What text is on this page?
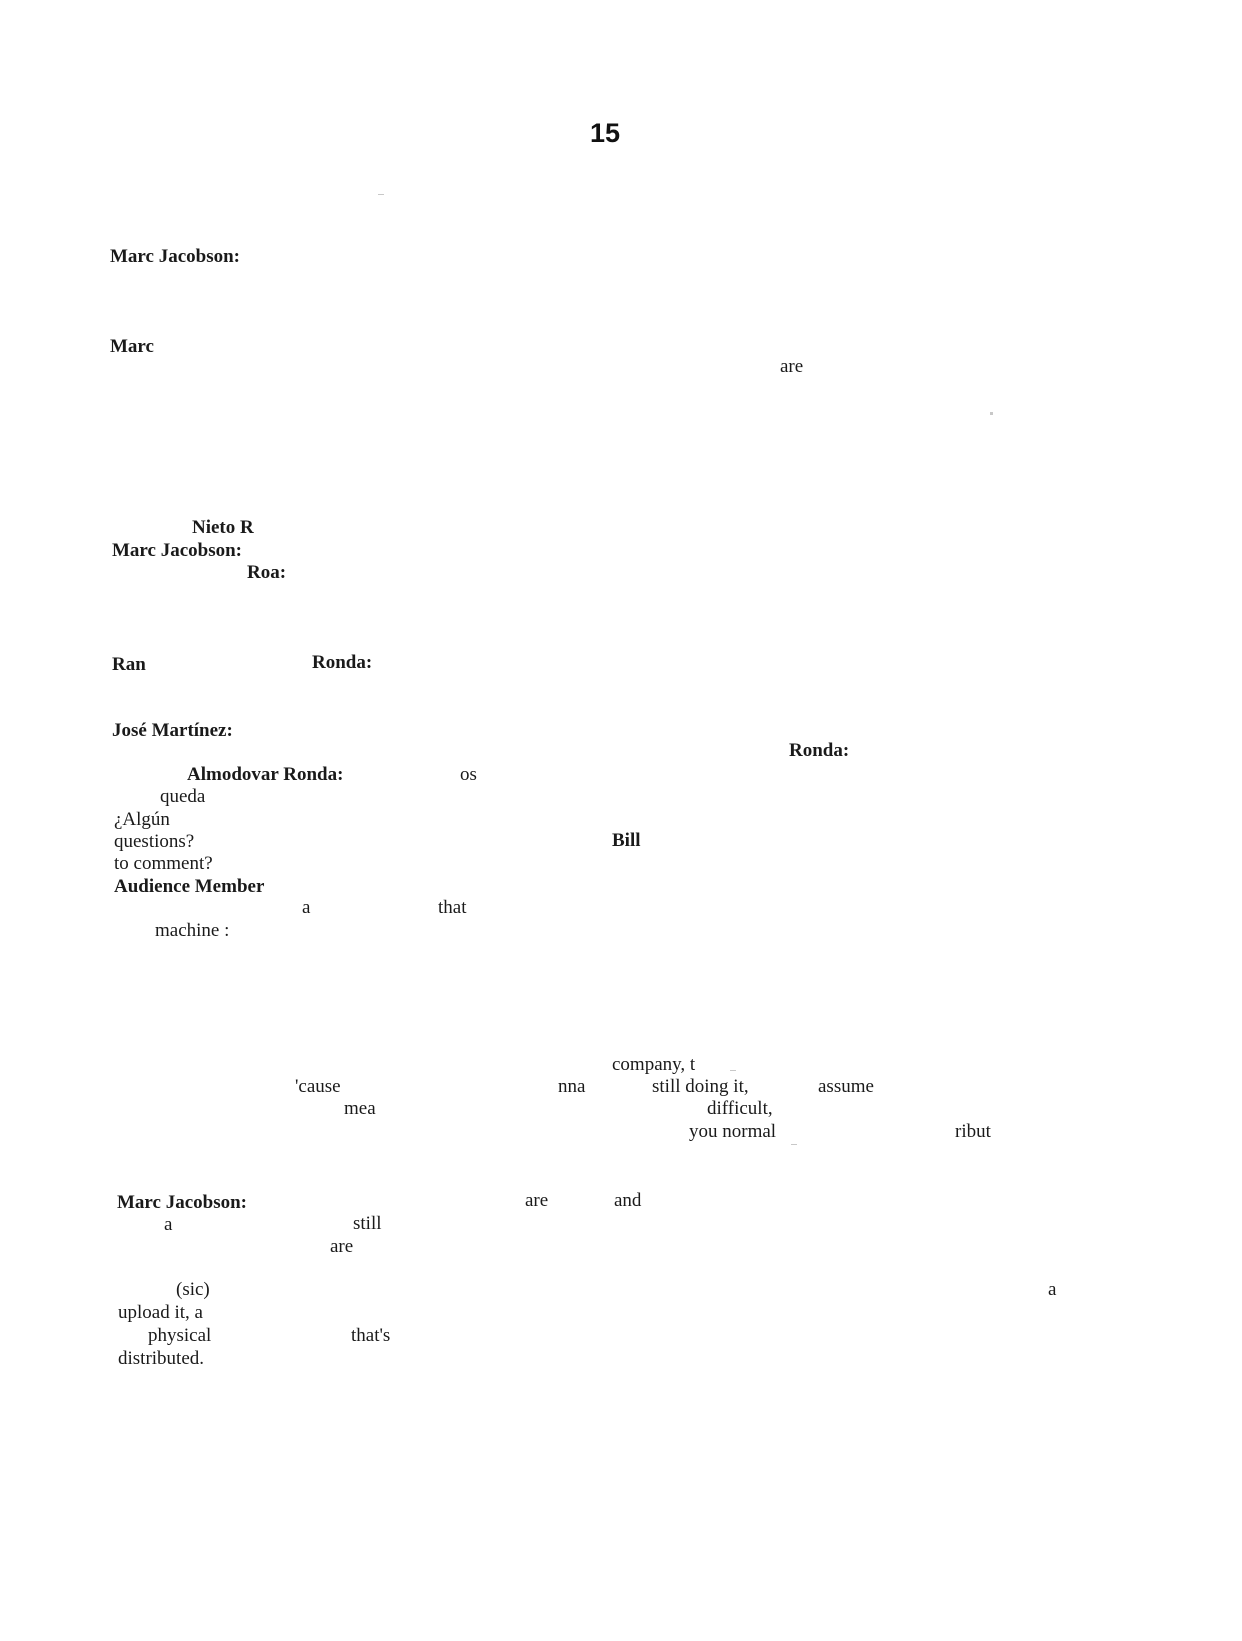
15
Marc Jacobson:
Marc
are
Nieto R
Marc Jacobson:
Roa:
Ran	Ronda:
José Martínez:
Ronda:
Almodovar Ronda:	os
queda
¿Algún
questions?	Bill
to comment?
Audience Member
a	that
machine :
company, t
'cause	nna	still doing it,	assume
mea	difficult,
you normal	ribut
Marc Jacobson:	are	and
a	still
are
(sic)	a
upload it, a
physical	that's
distributed.
